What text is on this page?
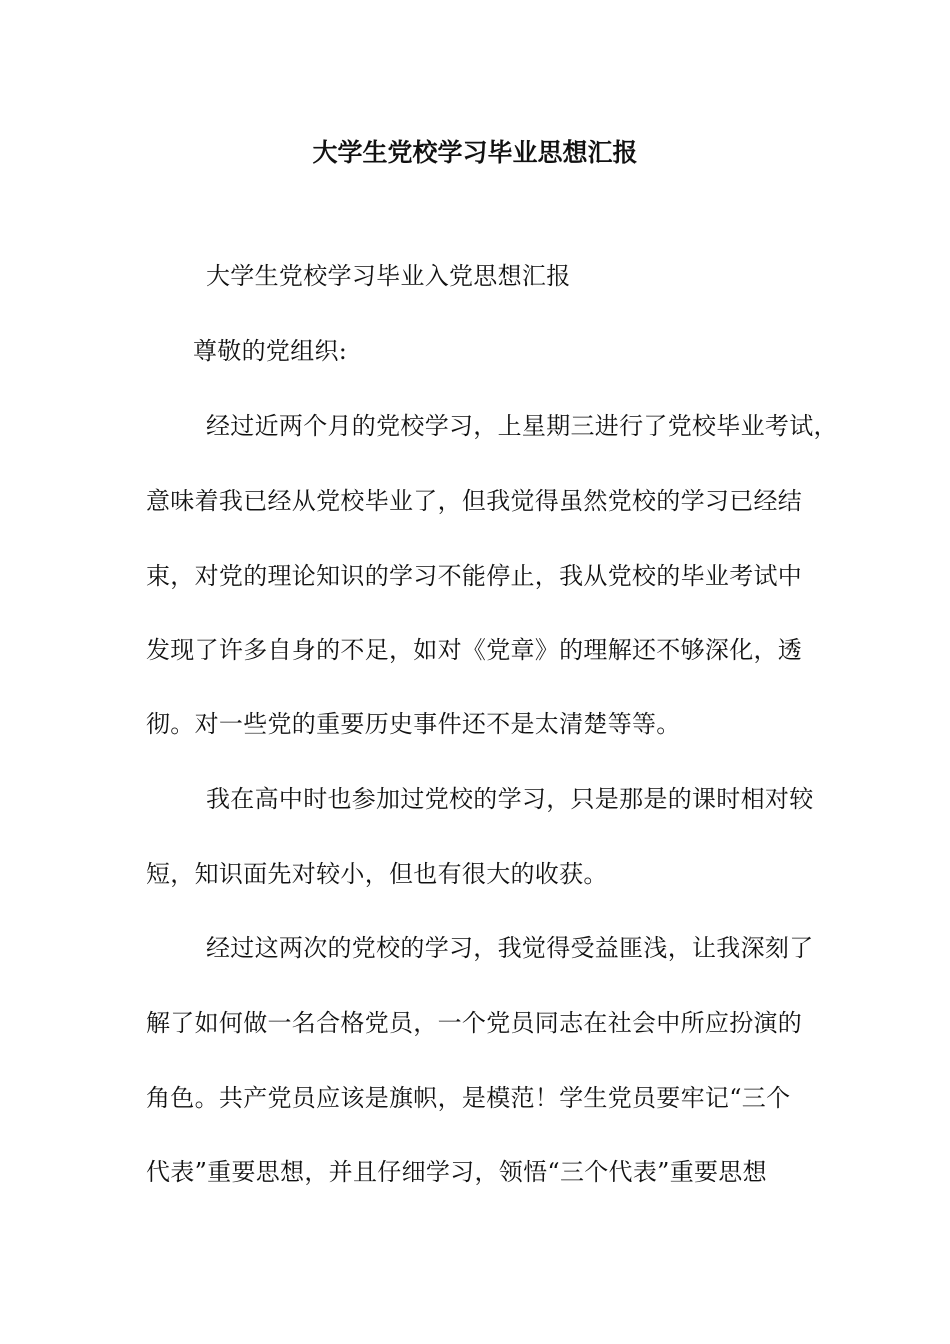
大学生党校学习毕业思想汇报
大学生党校学习毕业入党思想汇报
尊敬的党组织:
经过近两个月的党校学习，上星期三进行了党校毕业考试，
意味着我已经从党校毕业了，但我觉得虽然党校的学习已经结
束，对党的理论知识的学习不能停止，我从党校的毕业考试中
发现了许多自身的不足，如对《党章》的理解还不够深化，透
彻。对一些党的重要历史事件还不是太清楚等等。
我在高中时也参加过党校的学习，只是那是的课时相对较
短，知识面先对较小，但也有很大的收获。
经过这两次的党校的学习，我觉得受益匪浅，让我深刻了
解了如何做一名合格党员，一个党员同志在社会中所应扮演的
角色。共产党员应该是旗帜，是模范！学生党员要牢记“三个
代表”重要思想，并且仔细学习，领悟“三个代表”重要思想
